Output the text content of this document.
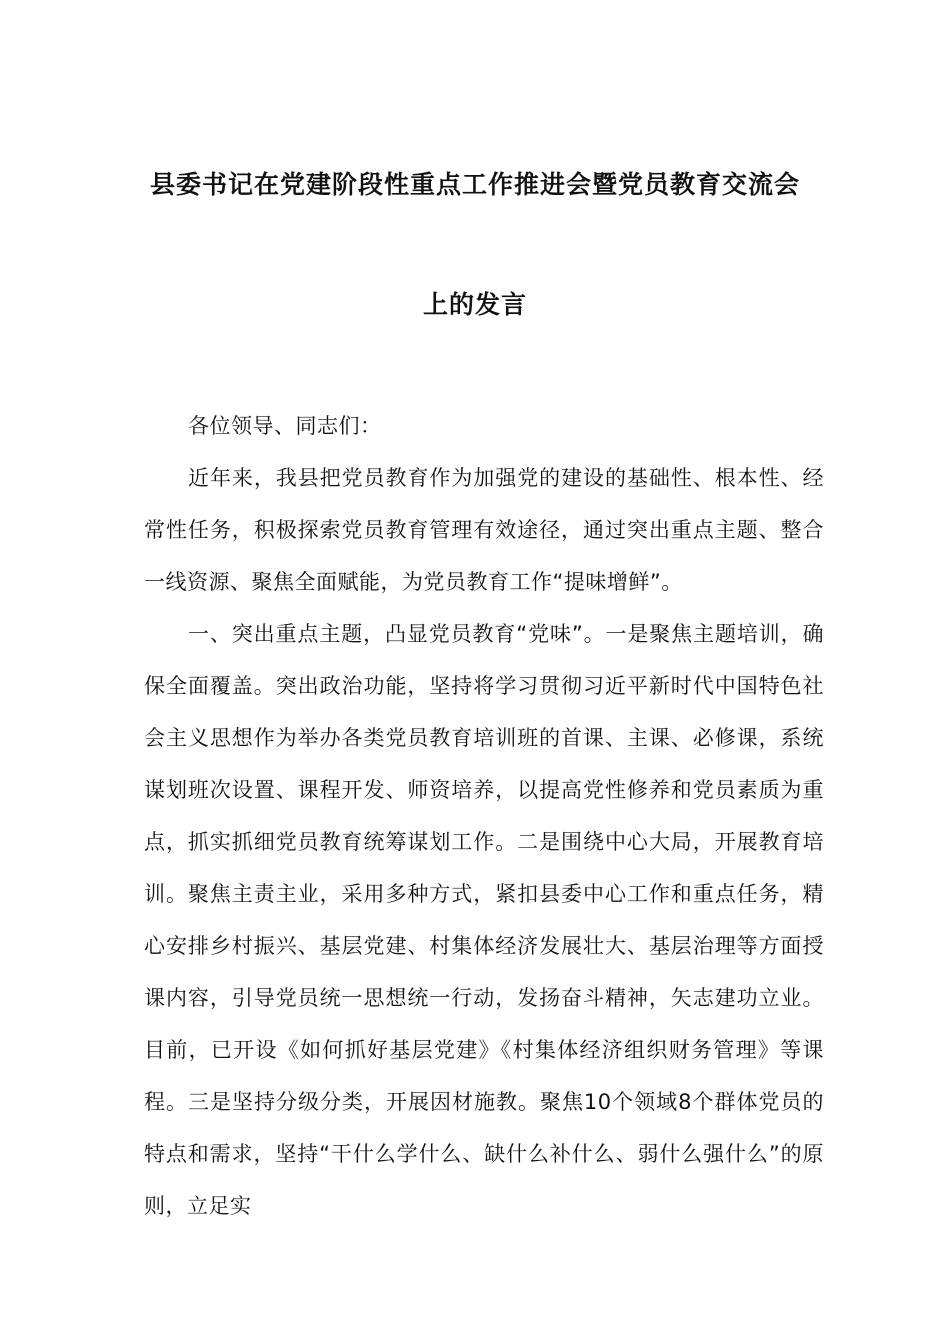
县委书记在党建阶段性重点工作推进会暨党员教育交流会
上的发言

各位领导、同志们：

近年来，我县把党员教育作为加强党的建设的基础性、根本性、经常性任务，积极探索党员教育管理有效途径，通过突出重点主题、整合一线资源、聚焦全面赋能，为党员教育工作“提味增鲜”。

一、突出重点主题，凸显党员教育“党味”。一是聚焦主题培训，确保全面覆盖。突出政治功能，坚持将学习贯彻习近平新时代中国特色社会主义思想作为举办各类党员教育培训班的首课、主课、必修课，系统谋划班次设置、课程开发、师资培养，以提高党性修养和党员素质为重点，抓实抓细党员教育统筹谋划工作。二是围绕中心大局，开展教育培训。聚焦主责主业，采用多种方式，紧扣县委中心工作和重点任务，精心安排乡村振兴、基层党建、村集体经济发展壮大、基层治理等方面授课内容，引导党员统一思想统一行动，发扬奋斗精神，矢志建功立业。目前，已开设《如何抓好基层党建》《村集体经济组织财务管理》等课程。三是坚持分级分类，开展因材施教。聚焦10个领域8个群体党员的特点和需求，坚持“干什么学什么、缺什么补什么、弱什么强什么”的原则，立足实
